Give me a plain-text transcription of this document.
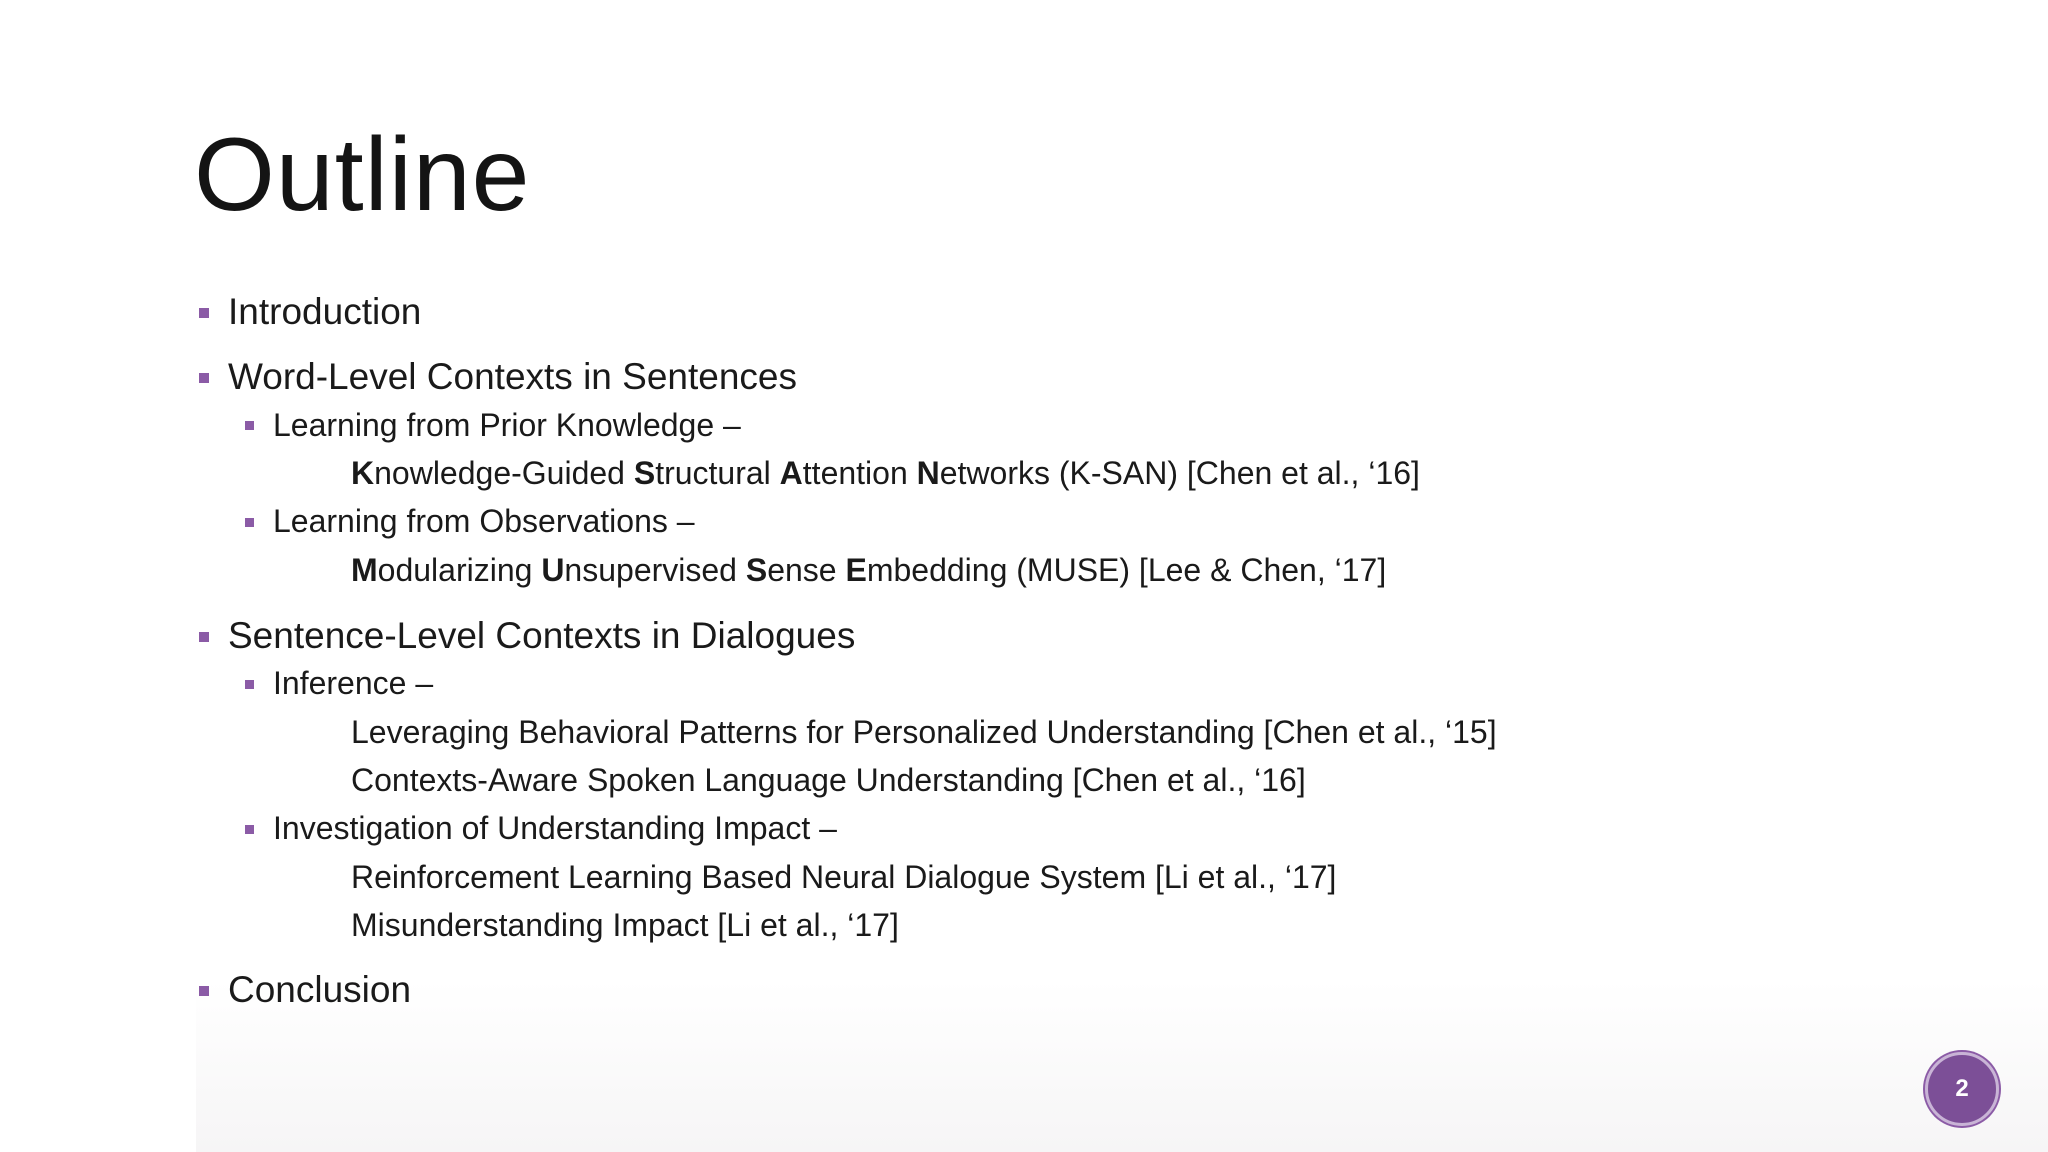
Outline
Introduction
Word-Level Contexts in Sentences
Learning from Prior Knowledge –
Knowledge-Guided Structural Attention Networks (K-SAN) [Chen et al., ‘16]
Learning from Observations –
Modularizing Unsupervised Sense Embedding (MUSE) [Lee & Chen, ‘17]
Sentence-Level Contexts in Dialogues
Inference –
Leveraging Behavioral Patterns for Personalized Understanding [Chen et al., ‘15]
Contexts-Aware Spoken Language Understanding [Chen et al., ‘16]
Investigation of Understanding Impact –
Reinforcement Learning Based Neural Dialogue System [Li et al., ‘17]
Misunderstanding Impact [Li et al., ‘17]
Conclusion
2
